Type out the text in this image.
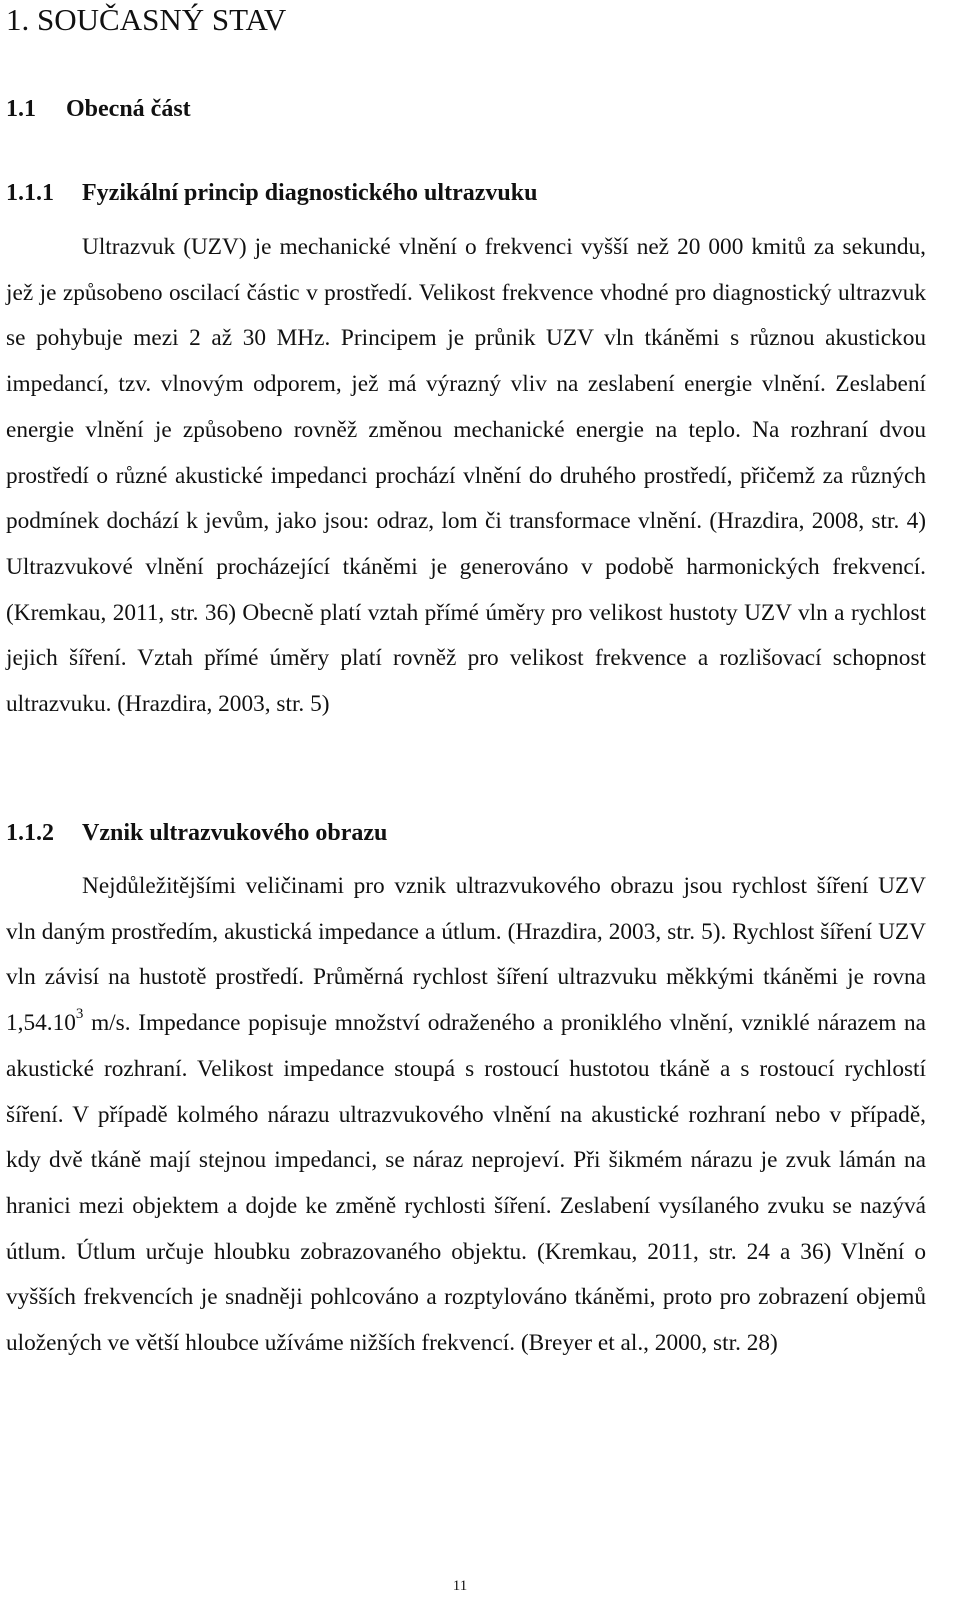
1. SOUČASNÝ STAV
1.1 Obecná část
1.1.1 Fyzikální princip diagnostického ultrazvuku

Ultrazvuk (UZV) je mechanické vlnění o frekvenci vyšší než 20 000 kmitů za sekundu, jež je způsobeno oscilací částic v prostředí. Velikost frekvence vhodné pro diagnostický ultrazvuk se pohybuje mezi 2 až 30 MHz. Principem je průnik UZV vln tkáněmi s různou akustickou impedancí, tzv. vlnovým odporem, jež má výrazný vliv na zeslabení energie vlnění. Zeslabení energie vlnění je způsobeno rovněž změnou mechanické energie na teplo. Na rozhraní dvou prostředí o různé akustické impedanci prochází vlnění do druhého prostředí, přičemž za různých podmínek dochází k jevům, jako jsou: odraz, lom či transformace vlnění. (Hrazdira, 2008, str. 4) Ultrazvukové vlnění procházející tkáněmi je generováno v podobě harmonických frekvencí. (Kremkau, 2011, str. 36) Obecně platí vztah přímé úměry pro velikost hustoty UZV vln a rychlost jejich šíření. Vztah přímé úměry platí rovněž pro velikost frekvence a rozlišovací schopnost ultrazvuku. (Hrazdira, 2003, str. 5)

1.1.2 Vznik ultrazvukového obrazu

Nejdůležitějšími veličinami pro vznik ultrazvukového obrazu jsou rychlost šíření UZV vln daným prostředím, akustická impedance a útlum. (Hrazdira, 2003, str. 5). Rychlost šíření UZV vln závisí na hustotě prostředí. Průměrná rychlost šíření ultrazvuku měkkými tkáněmi je rovna 1,54.10$^3$ m/s. Impedance popisuje množství odraženého a proniklého vlnění, vzniklé nárazem na akustické rozhraní. Velikost impedance stoupá s rostoucí hustotou tkáně a s rostoucí rychlostí šíření. V případě kolmého nárazu ultrazvukového vlnění na akustické rozhraní nebo v případě, kdy dvě tkáně mají stejnou impedanci, se náraz neprojeví. Při šikmém nárazu je zvuk lámán na hranici mezi objektem a dojde ke změně rychlosti šíření. Zeslabení vysílaného zvuku se nazývá útlum. Útlum určuje hloubku zobrazovaného objektu. (Kremkau, 2011, str. 24 a 36) Vlnění o vyšších frekvencích je snadněji pohlcováno a rozptylováno tkáněmi, proto pro zobrazení objemů uložených ve větší hloubce užíváme nižších frekvencí. (Breyer et al., 2000, str. 28)

11
